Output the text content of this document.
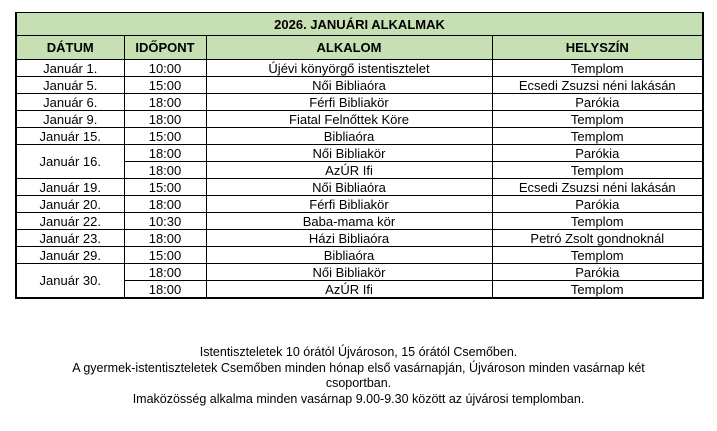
2026. JANUÁRI ALKALMAK			
DÁTUM	IDŐPONT	ALKALOM	HELYSZÍN
Január 1.	10:00	Újévi könyörgő istentisztelet	Templom
Január 5.	15:00	Női Bibliaóra	Ecsedi Zsuzsi néni lakásán
Január 6.	18:00	Férfi Bibliakör	Parókia
Január 9.	18:00	Fiatal Felnőttek Köre	Templom
Január 15.	15:00	Bibliaóra	Templom
Január 16.	18:00	Női Bibliakör	Parókia
	18:00	AzÚR Ifi	Templom
Január 19.	15:00	Női Bibliaóra	Ecsedi Zsuzsi néni lakásán
Január 20.	18:00	Férfi Bibliakör	Parókia
Január 22.	10:30	Baba-mama kör	Templom
Január 23.	18:00	Házi Bibliaóra	Petró Zsolt gondnoknál
Január 29.	15:00	Bibliaóra	Templom
Január 30.	18:00	Női Bibliakör	Parókia
	18:00	AzÚR Ifi	Templom
Istentiszteletek 10 órától Újvároson, 15 órától Csemőben.
A gyermek-istentiszteletek Csemőben minden hónap első vasárnapján, Újvároson minden vasárnap két csoportban.
Imaközösség alkalma minden vasárnap 9.00-9.30 között az újvárosi templomban.
